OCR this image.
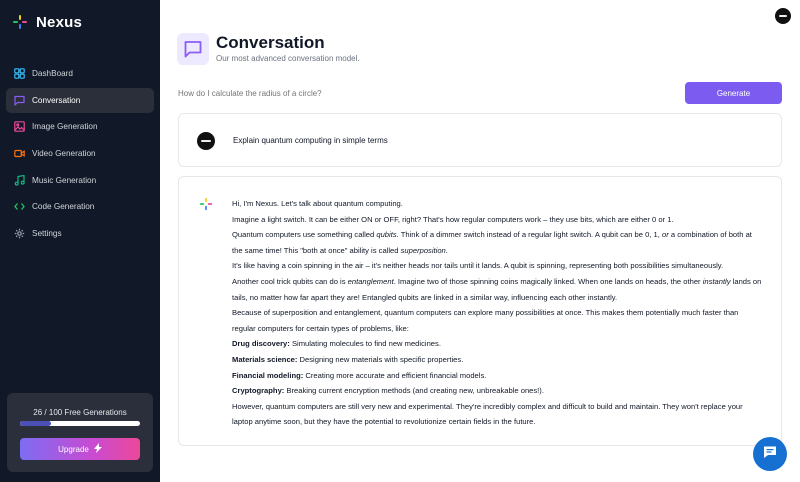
Nexus
DashBoard
Conversation
Image Generation
Video Generation
Music Generation
Code Generation
Settings
26 / 100 Free Generations
Upgrade
Conversation
Our most advanced conversation model.
How do I calculate the radius of a circle?
Generate
Explain quantum computing in simple terms

Hi, I'm Nexus. Let's talk about quantum computing.

Imagine a light switch. It can be either ON or OFF, right? That's how regular computers work – they use bits, which are either 0 or 1.

Quantum computers use something called qubits. Think of a dimmer switch instead of a regular light switch. A qubit can be 0, 1, or a combination of both at the same time! This "both at once" ability is called superposition.

It's like having a coin spinning in the air – it's neither heads nor tails until it lands. A qubit is spinning, representing both possibilities simultaneously.

Another cool trick qubits can do is entanglement. Imagine two of those spinning coins magically linked. When one lands on heads, the other instantly lands on tails, no matter how far apart they are! Entangled qubits are linked in a similar way, influencing each other instantly.

Because of superposition and entanglement, quantum computers can explore many possibilities at once. This makes them potentially much faster than regular computers for certain types of problems, like:

Drug discovery: Simulating molecules to find new medicines.

Materials science: Designing new materials with specific properties.

Financial modeling: Creating more accurate and efficient financial models.

Cryptography: Breaking current encryption methods (and creating new, unbreakable ones!).

However, quantum computers are still very new and experimental. They're incredibly complex and difficult to build and maintain. They won't replace your laptop anytime soon, but they have the potential to revolutionize certain fields in the future.
